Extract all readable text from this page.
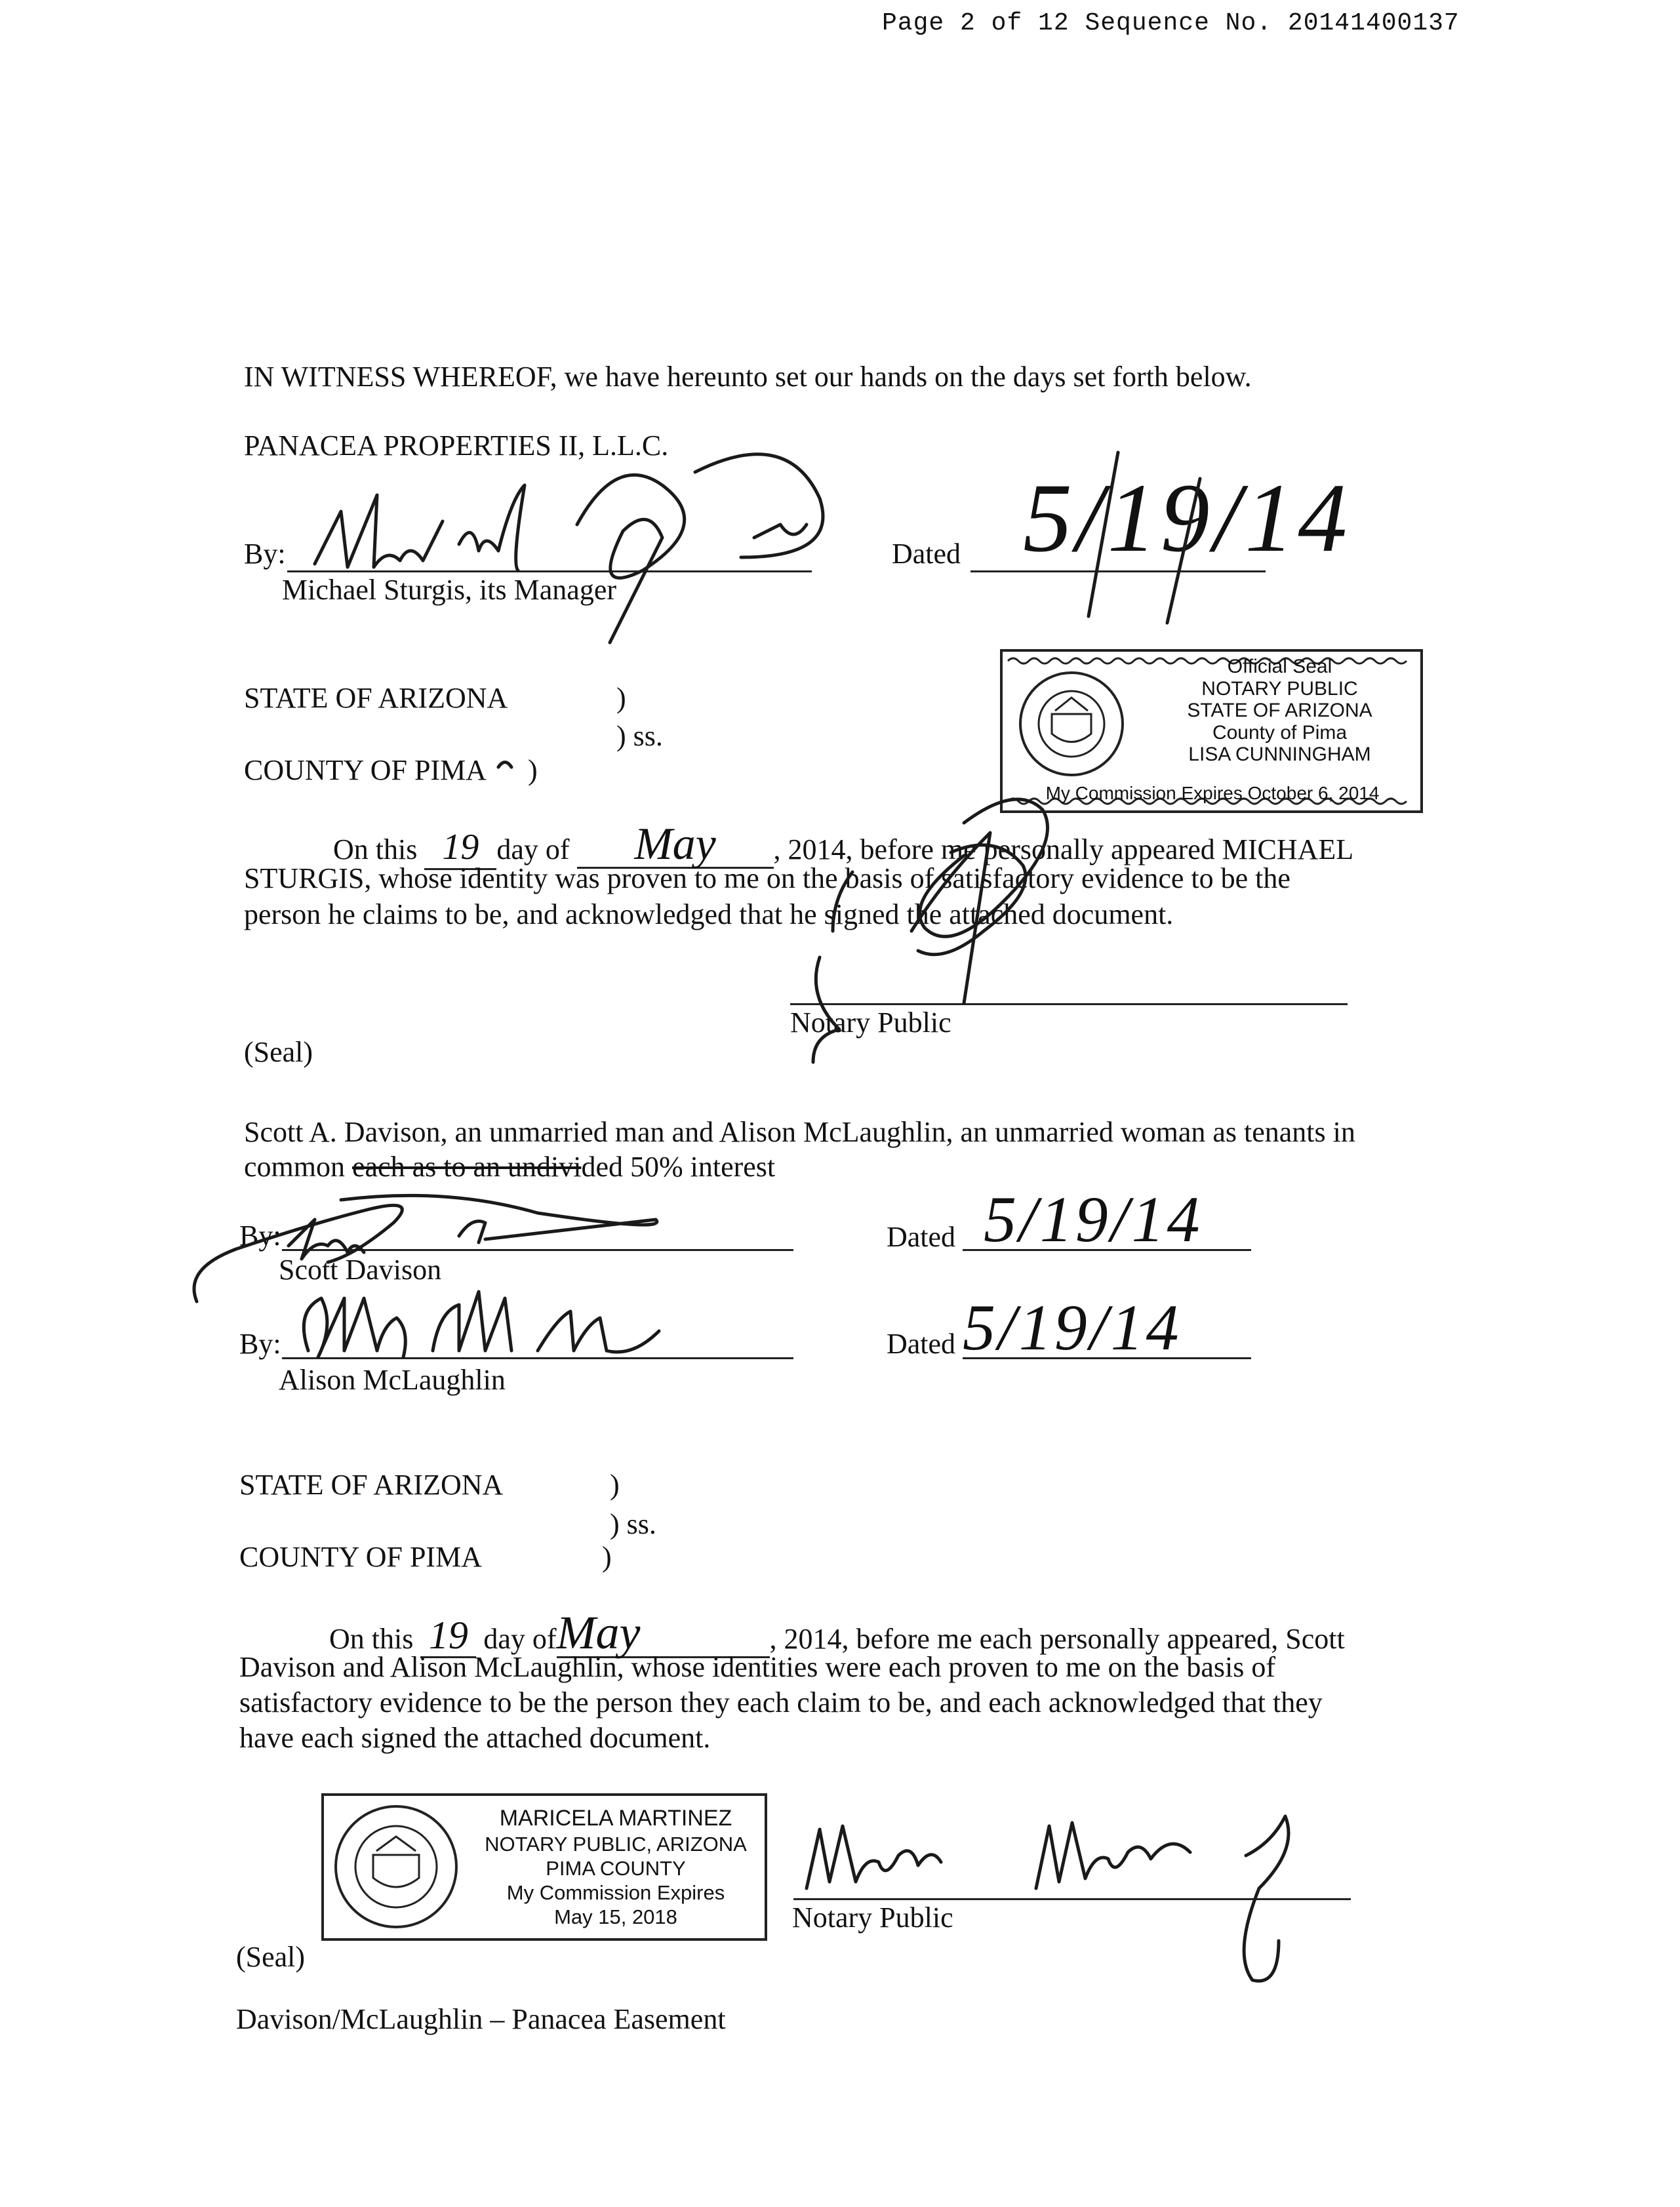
Page 2 of 12 Sequence No. 20141400137
IN WITNESS WHEREOF, we have hereunto set our hands on the days set forth below.
PANACEA PROPERTIES II, L.L.C.
By:
Michael Sturgis, its Manager
Dated 5/19/14
STATE OF ARIZONA	)
) ss.
COUNTY OF PIMA )
Official Seal
NOTARY PUBLIC
STATE OF ARIZONA
County of Pima
LISA CUNNINGHAM
My Commission Expires October 6, 2014
On this 19 day of May , 2014, before me personally appeared MICHAEL
STURGIS, whose identity was proven to me on the basis of satisfactory evidence to be the
person he claims to be, and acknowledged that he signed the attached document.
Notary Public
(Seal)
Scott A. Davison, an unmarried man and Alison McLaughlin, an unmarried woman as tenants in
common each as to an undivided 50% interest
By:
Scott Davison
Dated 5/19/14
By:
Alison McLaughlin
Dated 5/19/14
STATE OF ARIZONA	)
) ss.
COUNTY OF PIMA	)
On this 19 day ofMay	, 2014, before me each personally appeared, Scott
Davison and Alison McLaughlin, whose identities were each proven to me on the basis of
satisfactory evidence to be the person they each claim to be, and each acknowledged that they
have each signed the attached document.
MARICELA MARTINEZ
NOTARY PUBLIC, ARIZONA
PIMA COUNTY
My Commission Expires
May 15, 2018	Notary Public
(Seal)
Davison/McLaughlin – Panacea Easement
